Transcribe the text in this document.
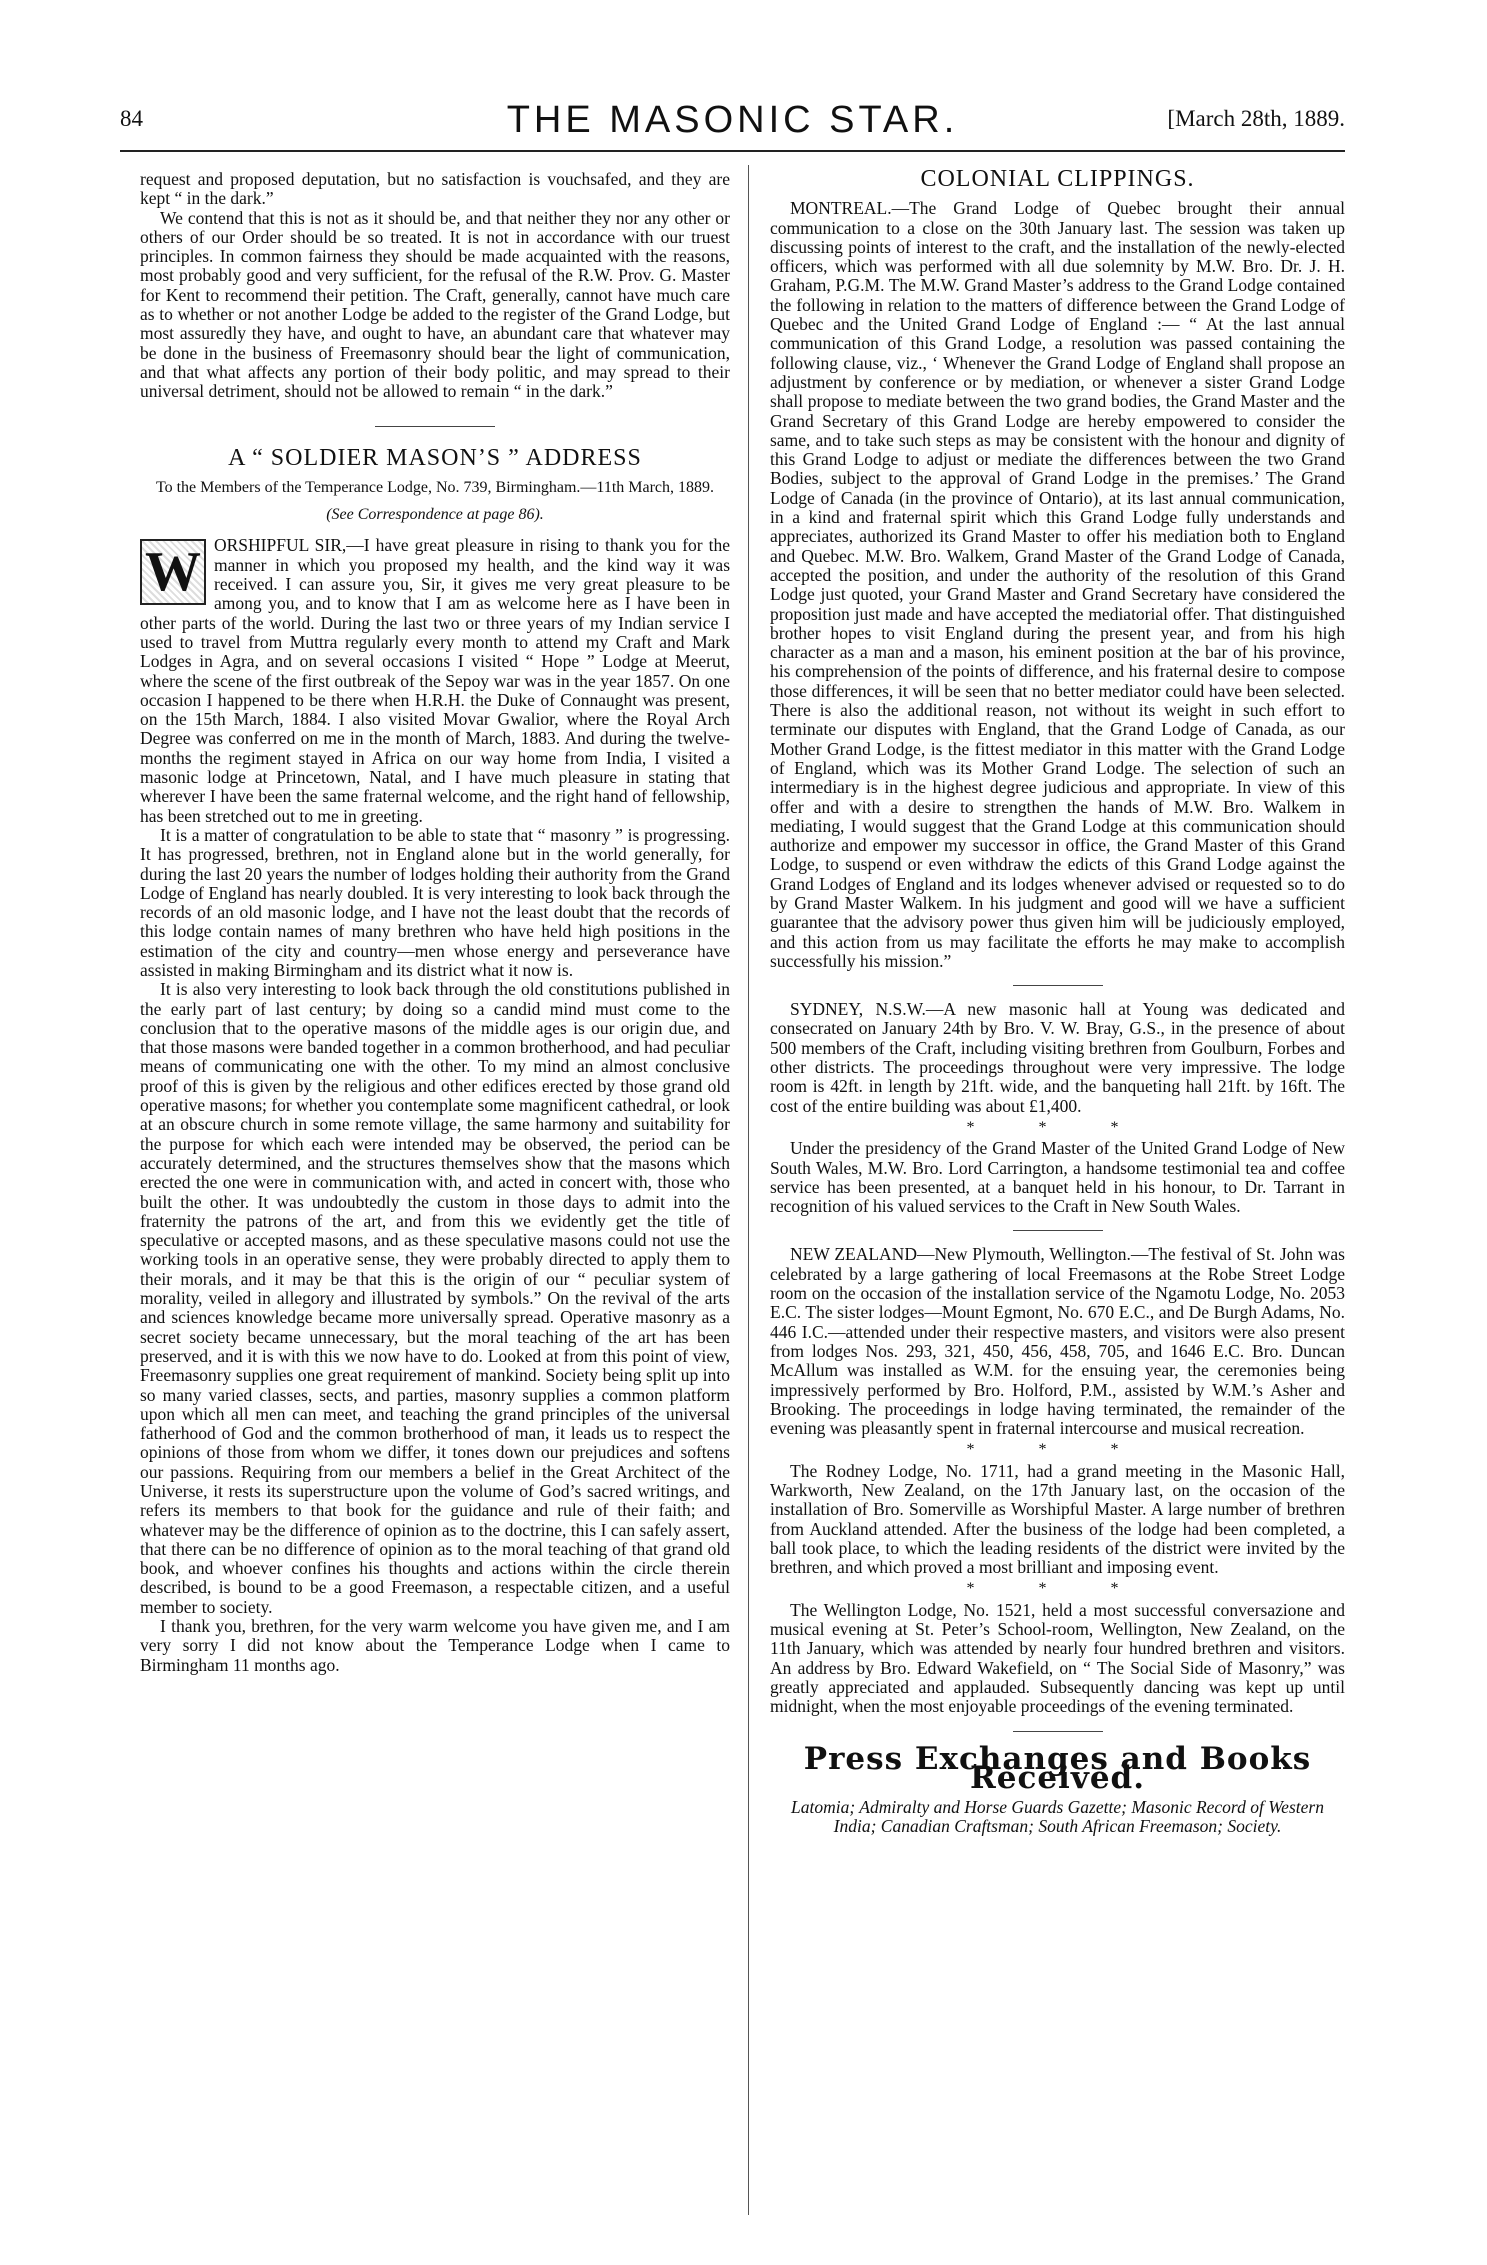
84	THE MASONIC STAR.	[March 28th, 1889.

request and proposed deputation, but no satisfaction is vouchsafed, and they are kept “ in the dark.”

We contend that this is not as it should be, and that neither they nor any other or others of our Order should be so treated. It is not in accordance with our truest principles. In common fairness they should be made acquainted with the reasons, most probably good and very sufficient, for the refusal of the R.W. Prov. G. Master for Kent to recommend their petition. The Craft, generally, cannot have much care as to whether or not another Lodge be added to the register of the Grand Lodge, but most assuredly they have, and ought to have, an abundant care that whatever may be done in the business of Freemasonry should bear the light of communication, and that what affects any portion of their body politic, and may spread to their universal detriment, should not be allowed to remain “ in the dark.”

A “ SOLDIER MASON’S ” ADDRESS
To the Members of the Temperance Lodge, No. 739, Birmingham.—11th March, 1889.
(See Correspondence at page 86).

W ORSHIPFUL SIR,—I have great pleasure in rising to thank you for the manner in which you proposed my health, and the kind way it was received. I can assure you, Sir, it gives me very great pleasure to be among you, and to know that I am as welcome here as I have been in other parts of the world. During the last two or three years of my Indian service I used to travel from Muttra regularly every month to attend my Craft and Mark Lodges in Agra, and on several occasions I visited “ Hope ” Lodge at Meerut, where the scene of the first outbreak of the Sepoy war was in the year 1857. On one occasion I happened to be there when H.R.H. the Duke of Connaught was present, on the 15th March, 1884. I also visited Movar Gwalior, where the Royal Arch Degree was conferred on me in the month of March, 1883. And during the twelve-months the regiment stayed in Africa on our way home from India, I visited a masonic lodge at Princetown, Natal, and I have much pleasure in stating that wherever I have been the same fraternal welcome, and the right hand of fellowship, has been stretched out to me in greeting.

It is a matter of congratulation to be able to state that “ masonry ” is progressing. It has progressed, brethren, not in England alone but in the world generally, for during the last 20 years the number of lodges holding their authority from the Grand Lodge of England has nearly doubled. It is very interesting to look back through the records of an old masonic lodge, and I have not the least doubt that the records of this lodge contain names of many brethren who have held high positions in the estimation of the city and country—men whose energy and perseverance have assisted in making Birmingham and its district what it now is.

It is also very interesting to look back through the old constitutions published in the early part of last century; by doing so a candid mind must come to the conclusion that to the operative masons of the middle ages is our origin due, and that those masons were banded together in a common brotherhood, and had peculiar means of communicating one with the other. To my mind an almost conclusive proof of this is given by the religious and other edifices erected by those grand old operative masons; for whether you contemplate some magnificent cathedral, or look at an obscure church in some remote village, the same harmony and suitability for the purpose for which each were intended may be observed, the period can be accurately determined, and the structures themselves show that the masons which erected the one were in communication with, and acted in concert with, those who built the other. It was undoubtedly the custom in those days to admit into the fraternity the patrons of the art, and from this we evidently get the title of speculative or accepted masons, and as these speculative masons could not use the working tools in an operative sense, they were probably directed to apply them to their morals, and it may be that this is the origin of our “ peculiar system of morality, veiled in allegory and illustrated by symbols.” On the revival of the arts and sciences knowledge became more universally spread. Operative masonry as a secret society became unnecessary, but the moral teaching of the art has been preserved, and it is with this we now have to do. Looked at from this point of view, Freemasonry supplies one great requirement of mankind. Society being split up into so many varied classes, sects, and parties, masonry supplies a common platform upon which all men can meet, and teaching the grand principles of the universal fatherhood of God and the common brotherhood of man, it leads us to respect the opinions of those from whom we differ, it tones down our prejudices and softens our passions. Requiring from our members a belief in the Great Architect of the Universe, it rests its superstructure upon the volume of God’s sacred writings, and refers its members to that book for the guidance and rule of their faith; and whatever may be the difference of opinion as to the doctrine, this I can safely assert, that there can be no difference of opinion as to the moral teaching of that grand old book, and whoever confines his thoughts and actions within the circle therein described, is bound to be a good Freemason, a respectable citizen, and a useful member to society.

I thank you, brethren, for the very warm welcome you have given me, and I am very sorry I did not know about the Temperance Lodge when I came to Birmingham 11 months ago.

COLONIAL CLIPPINGS.

MONTREAL.—The Grand Lodge of Quebec brought their annual communication to a close on the 30th January last. The session was taken up discussing points of interest to the craft, and the installation of the newly-elected officers, which was performed with all due solemnity by M.W. Bro. Dr. J. H. Graham, P.G.M. The M.W. Grand Master’s address to the Grand Lodge contained the following in relation to the matters of difference between the Grand Lodge of Quebec and the United Grand Lodge of England :— “ At the last annual communication of this Grand Lodge, a resolution was passed containing the following clause, viz., ‘ Whenever the Grand Lodge of England shall propose an adjustment by conference or by mediation, or whenever a sister Grand Lodge shall propose to mediate between the two grand bodies, the Grand Master and the Grand Secretary of this Grand Lodge are hereby empowered to consider the same, and to take such steps as may be consistent with the honour and dignity of this Grand Lodge to adjust or mediate the differences between the two Grand Bodies, subject to the approval of Grand Lodge in the premises.’ The Grand Lodge of Canada (in the province of Ontario), at its last annual communication, in a kind and fraternal spirit which this Grand Lodge fully understands and appreciates, authorized its Grand Master to offer his mediation both to England and Quebec. M.W. Bro. Walkem, Grand Master of the Grand Lodge of Canada, accepted the position, and under the authority of the resolution of this Grand Lodge just quoted, your Grand Master and Grand Secretary have considered the proposition just made and have accepted the mediatorial offer. That distinguished brother hopes to visit England during the present year, and from his high character as a man and a mason, his eminent position at the bar of his province, his comprehension of the points of difference, and his fraternal desire to compose those differences, it will be seen that no better mediator could have been selected. There is also the additional reason, not without its weight in such effort to terminate our disputes with England, that the Grand Lodge of Canada, as our Mother Grand Lodge, is the fittest mediator in this matter with the Grand Lodge of England, which was its Mother Grand Lodge. The selection of such an intermediary is in the highest degree judicious and appropriate. In view of this offer and with a desire to strengthen the hands of M.W. Bro. Walkem in mediating, I would suggest that the Grand Lodge at this communication should authorize and empower my successor in office, the Grand Master of this Grand Lodge, to suspend or even withdraw the edicts of this Grand Lodge against the Grand Lodges of England and its lodges whenever advised or requested so to do by Grand Master Walkem. In his judgment and good will we have a sufficient guarantee that the advisory power thus given him will be judiciously employed, and this action from us may facilitate the efforts he may make to accomplish successfully his mission.”

SYDNEY, N.S.W.—A new masonic hall at Young was dedicated and consecrated on January 24th by Bro. V. W. Bray, G.S., in the presence of about 500 members of the Craft, including visiting brethren from Goulburn, Forbes and other districts. The proceedings throughout were very impressive. The lodge room is 42ft. in length by 21ft. wide, and the banqueting hall 21ft. by 16ft. The cost of the entire building was about £1,400.

* * *

Under the presidency of the Grand Master of the United Grand Lodge of New South Wales, M.W. Bro. Lord Carrington, a handsome testimonial tea and coffee service has been presented, at a banquet held in his honour, to Dr. Tarrant in recognition of his valued services to the Craft in New South Wales.

NEW ZEALAND—New Plymouth, Wellington.—The festival of St. John was celebrated by a large gathering of local Freemasons at the Robe Street Lodge room on the occasion of the installation service of the Ngamotu Lodge, No. 2053 E.C. The sister lodges—Mount Egmont, No. 670 E.C., and De Burgh Adams, No. 446 I.C.—attended under their respective masters, and visitors were also present from lodges Nos. 293, 321, 450, 456, 458, 705, and 1646 E.C. Bro. Duncan McAllum was installed as W.M. for the ensuing year, the ceremonies being impressively performed by Bro. Holford, P.M., assisted by W.M.’s Asher and Brooking. The proceedings in lodge having terminated, the remainder of the evening was pleasantly spent in fraternal intercourse and musical recreation.

* * *

The Rodney Lodge, No. 1711, had a grand meeting in the Masonic Hall, Warkworth, New Zealand, on the 17th January last, on the occasion of the installation of Bro. Somerville as Worshipful Master. A large number of brethren from Auckland attended. After the business of the lodge had been completed, a ball took place, to which the leading residents of the district were invited by the brethren, and which proved a most brilliant and imposing event.

* * *

The Wellington Lodge, No. 1521, held a most successful conversazione and musical evening at St. Peter’s School-room, Wellington, New Zealand, on the 11th January, which was attended by nearly four hundred brethren and visitors. An address by Bro. Edward Wakefield, on “ The Social Side of Masonry,” was greatly appreciated and applauded. Subsequently dancing was kept up until midnight, when the most enjoyable proceedings of the evening terminated.

Press Exchanges and Books Received.

Latomia; Admiralty and Horse Guards Gazette; Masonic Record of Western India; Canadian Craftsman; South African Freemason; Society.
